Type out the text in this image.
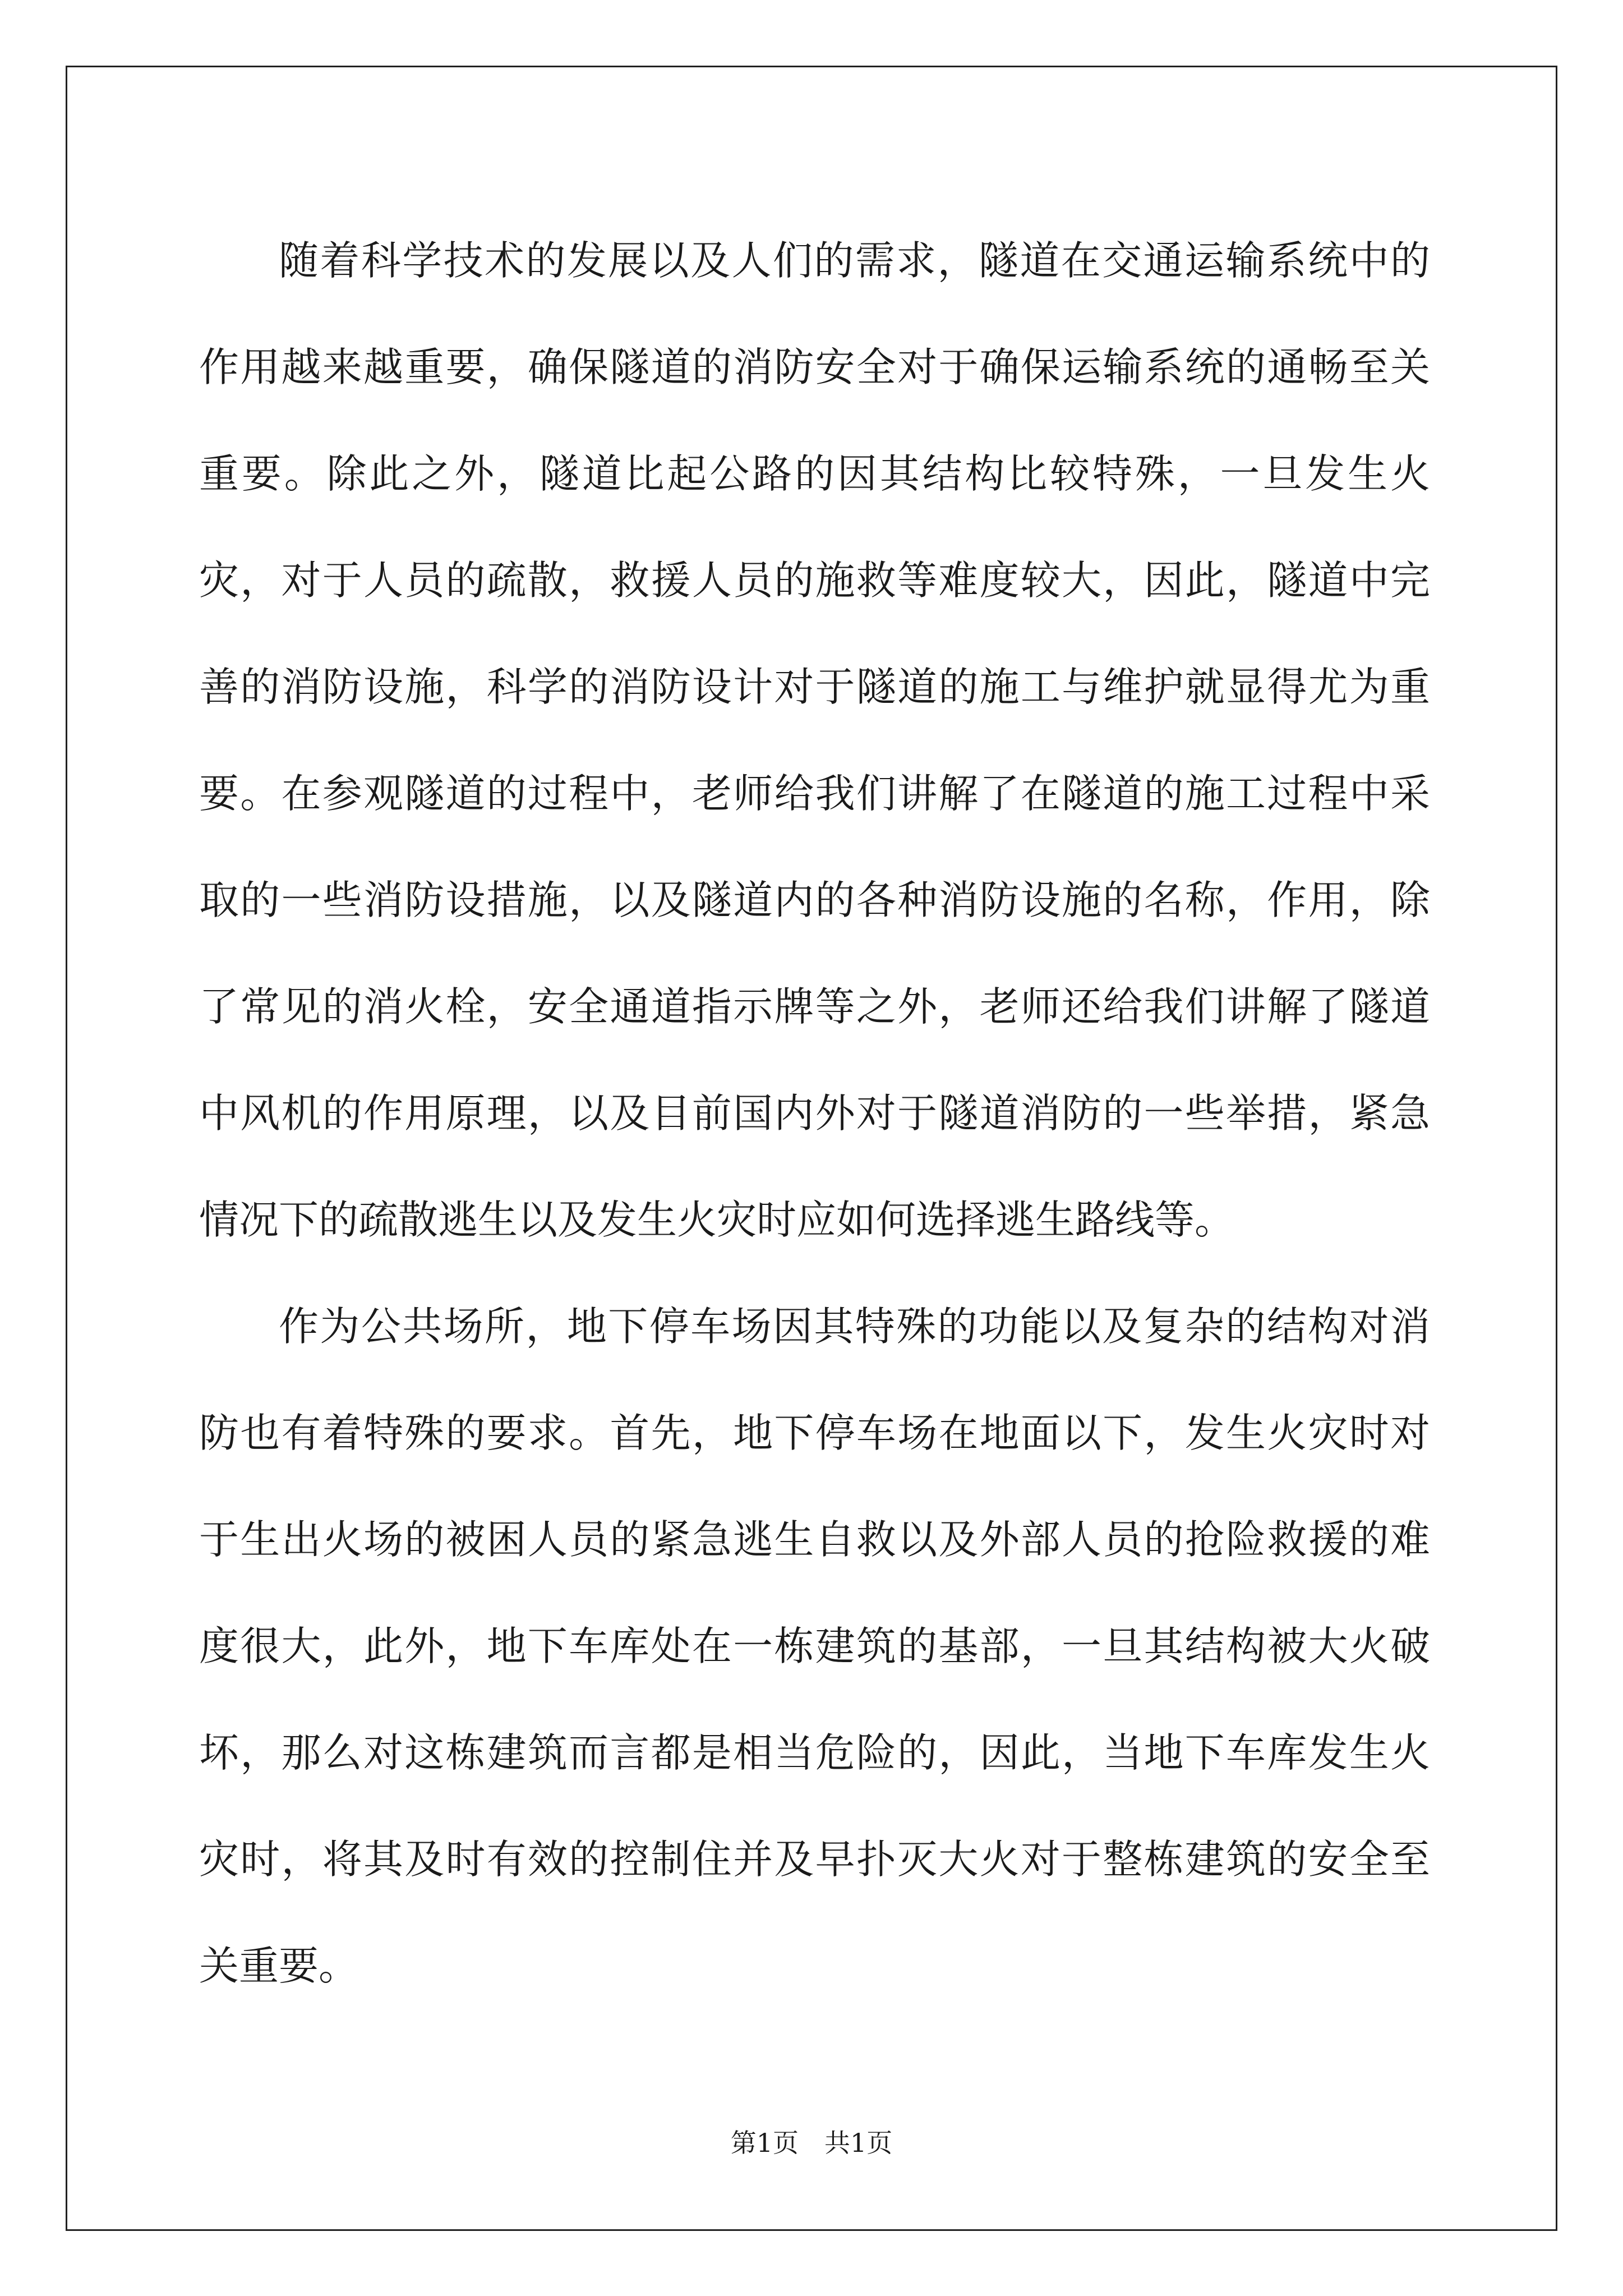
随着科学技术的发展以及人们的需求，隧道在交通运输系统中的作用越来越重要，确保隧道的消防安全对于确保运输系统的通畅至关重要。除此之外，隧道比起公路的因其结构比较特殊，一旦发生火灾，对于人员的疏散，救援人员的施救等难度较大，因此，隧道中完善的消防设施，科学的消防设计对于隧道的施工与维护就显得尤为重要。在参观隧道的过程中，老师给我们讲解了在隧道的施工过程中采取的一些消防设措施，以及隧道内的各种消防设施的名称，作用，除了常见的消火栓，安全通道指示牌等之外，老师还给我们讲解了隧道中风机的作用原理，以及目前国内外对于隧道消防的一些举措，紧急情况下的疏散逃生以及发生火灾时应如何选择逃生路线等。

作为公共场所，地下停车场因其特殊的功能以及复杂的结构对消防也有着特殊的要求。首先，地下停车场在地面以下，发生火灾时对于生出火场的被困人员的紧急逃生自救以及外部人员的抢险救援的难度很大，此外，地下车库处在一栋建筑的基部，一旦其结构被大火破坏，那么对这栋建筑而言都是相当危险的，因此，当地下车库发生火灾时，将其及时有效的控制住并及早扑灭大火对于整栋建筑的安全至关重要。

第1页　共1页
